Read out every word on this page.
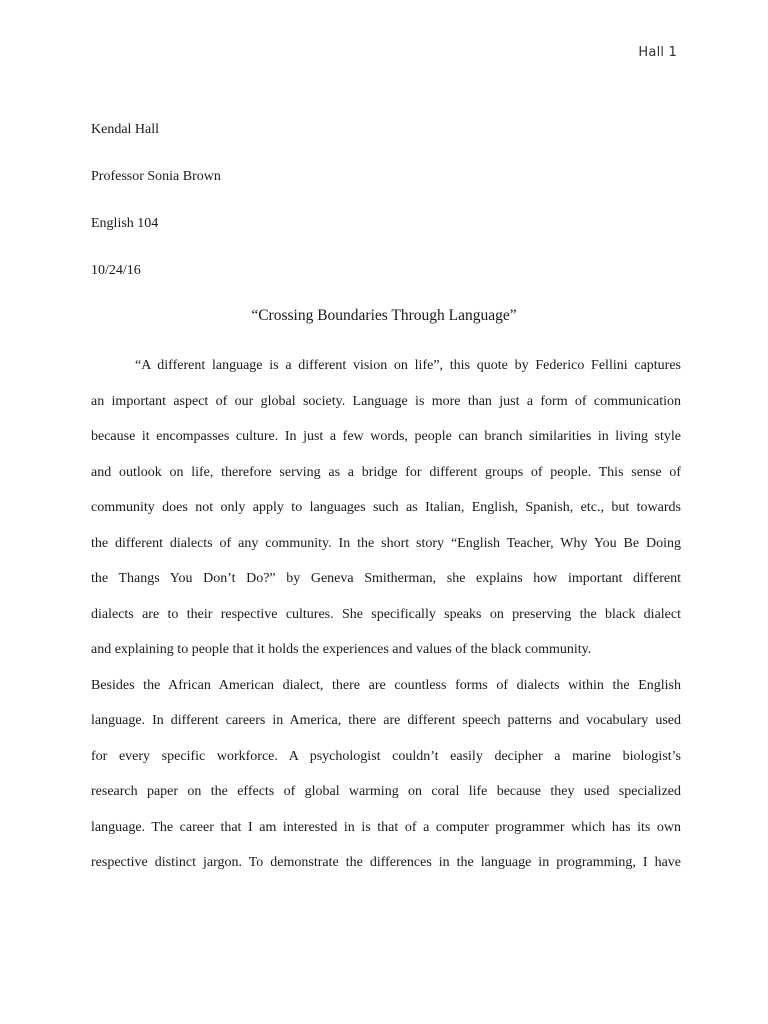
Hall 1
Kendal Hall
Professor Sonia Brown
English 104
10/24/16
“Crossing Boundaries Through Language”
“A different language is a different vision on life”, this quote by Federico Fellini captures
an important aspect of our global society. Language is more than just a form of communication
because it encompasses culture. In just a few words, people can branch similarities in living style
and outlook on life, therefore serving as a bridge for different groups of people. This sense of
community does not only apply to languages such as Italian, English, Spanish, etc., but towards
the different dialects of any community. In the short story “English Teacher, Why You Be Doing
the Thangs You Don’t Do?” by Geneva Smitherman, she explains how important different
dialects are to their respective cultures. She specifically speaks on preserving the black dialect
and explaining to people that it holds the experiences and values of the black community.
Besides the African American dialect, there are countless forms of dialects within the English
language. In different careers in America, there are different speech patterns and vocabulary used
for every specific workforce. A psychologist couldn’t easily decipher a marine biologist’s
research paper on the effects of global warming on coral life because they used specialized
language. The career that I am interested in is that of a computer programmer which has its own
respective distinct jargon. To demonstrate the differences in the language in programming, I have
